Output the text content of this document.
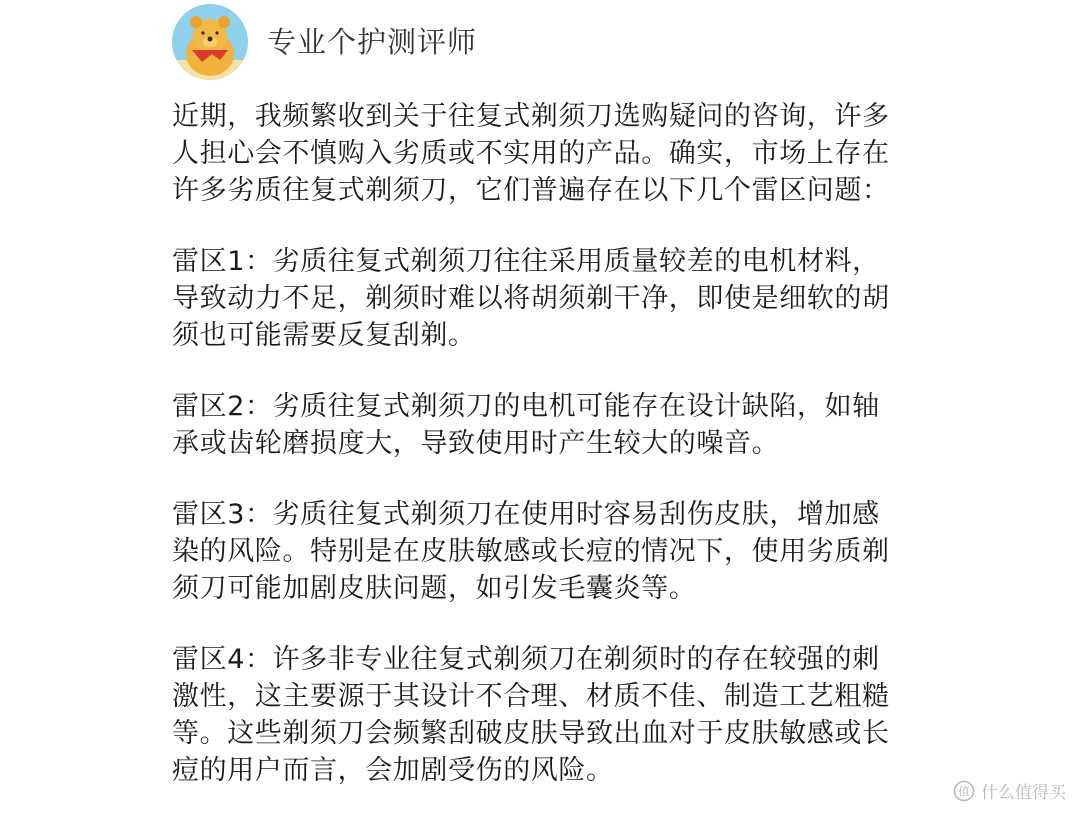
专业个护测评师

近期，我频繁收到关于往复式剃须刀选购疑问的咨询，许多
人担心会不慎购入劣质或不实用的产品。确实，市场上存在
许多劣质往复式剃须刀，它们普遍存在以下几个雷区问题：

雷区1：劣质往复式剃须刀往往采用质量较差的电机材料，
导致动力不足，剃须时难以将胡须剃干净，即使是细软的胡
须也可能需要反复刮剃。

雷区2：劣质往复式剃须刀的电机可能存在设计缺陷，如轴
承或齿轮磨损度大，导致使用时产生较大的噪音。

雷区3：劣质往复式剃须刀在使用时容易刮伤皮肤，增加感
染的风险。特别是在皮肤敏感或长痘的情况下，使用劣质剃
须刀可能加剧皮肤问题，如引发毛囊炎等。

雷区4：许多非专业往复式剃须刀在剃须时的存在较强的刺
激性，这主要源于其设计不合理、材质不佳、制造工艺粗糙
等。这些剃须刀会频繁刮破皮肤导致出血对于皮肤敏感或长
痘的用户而言，会加剧受伤的风险。

值 什么值得买
